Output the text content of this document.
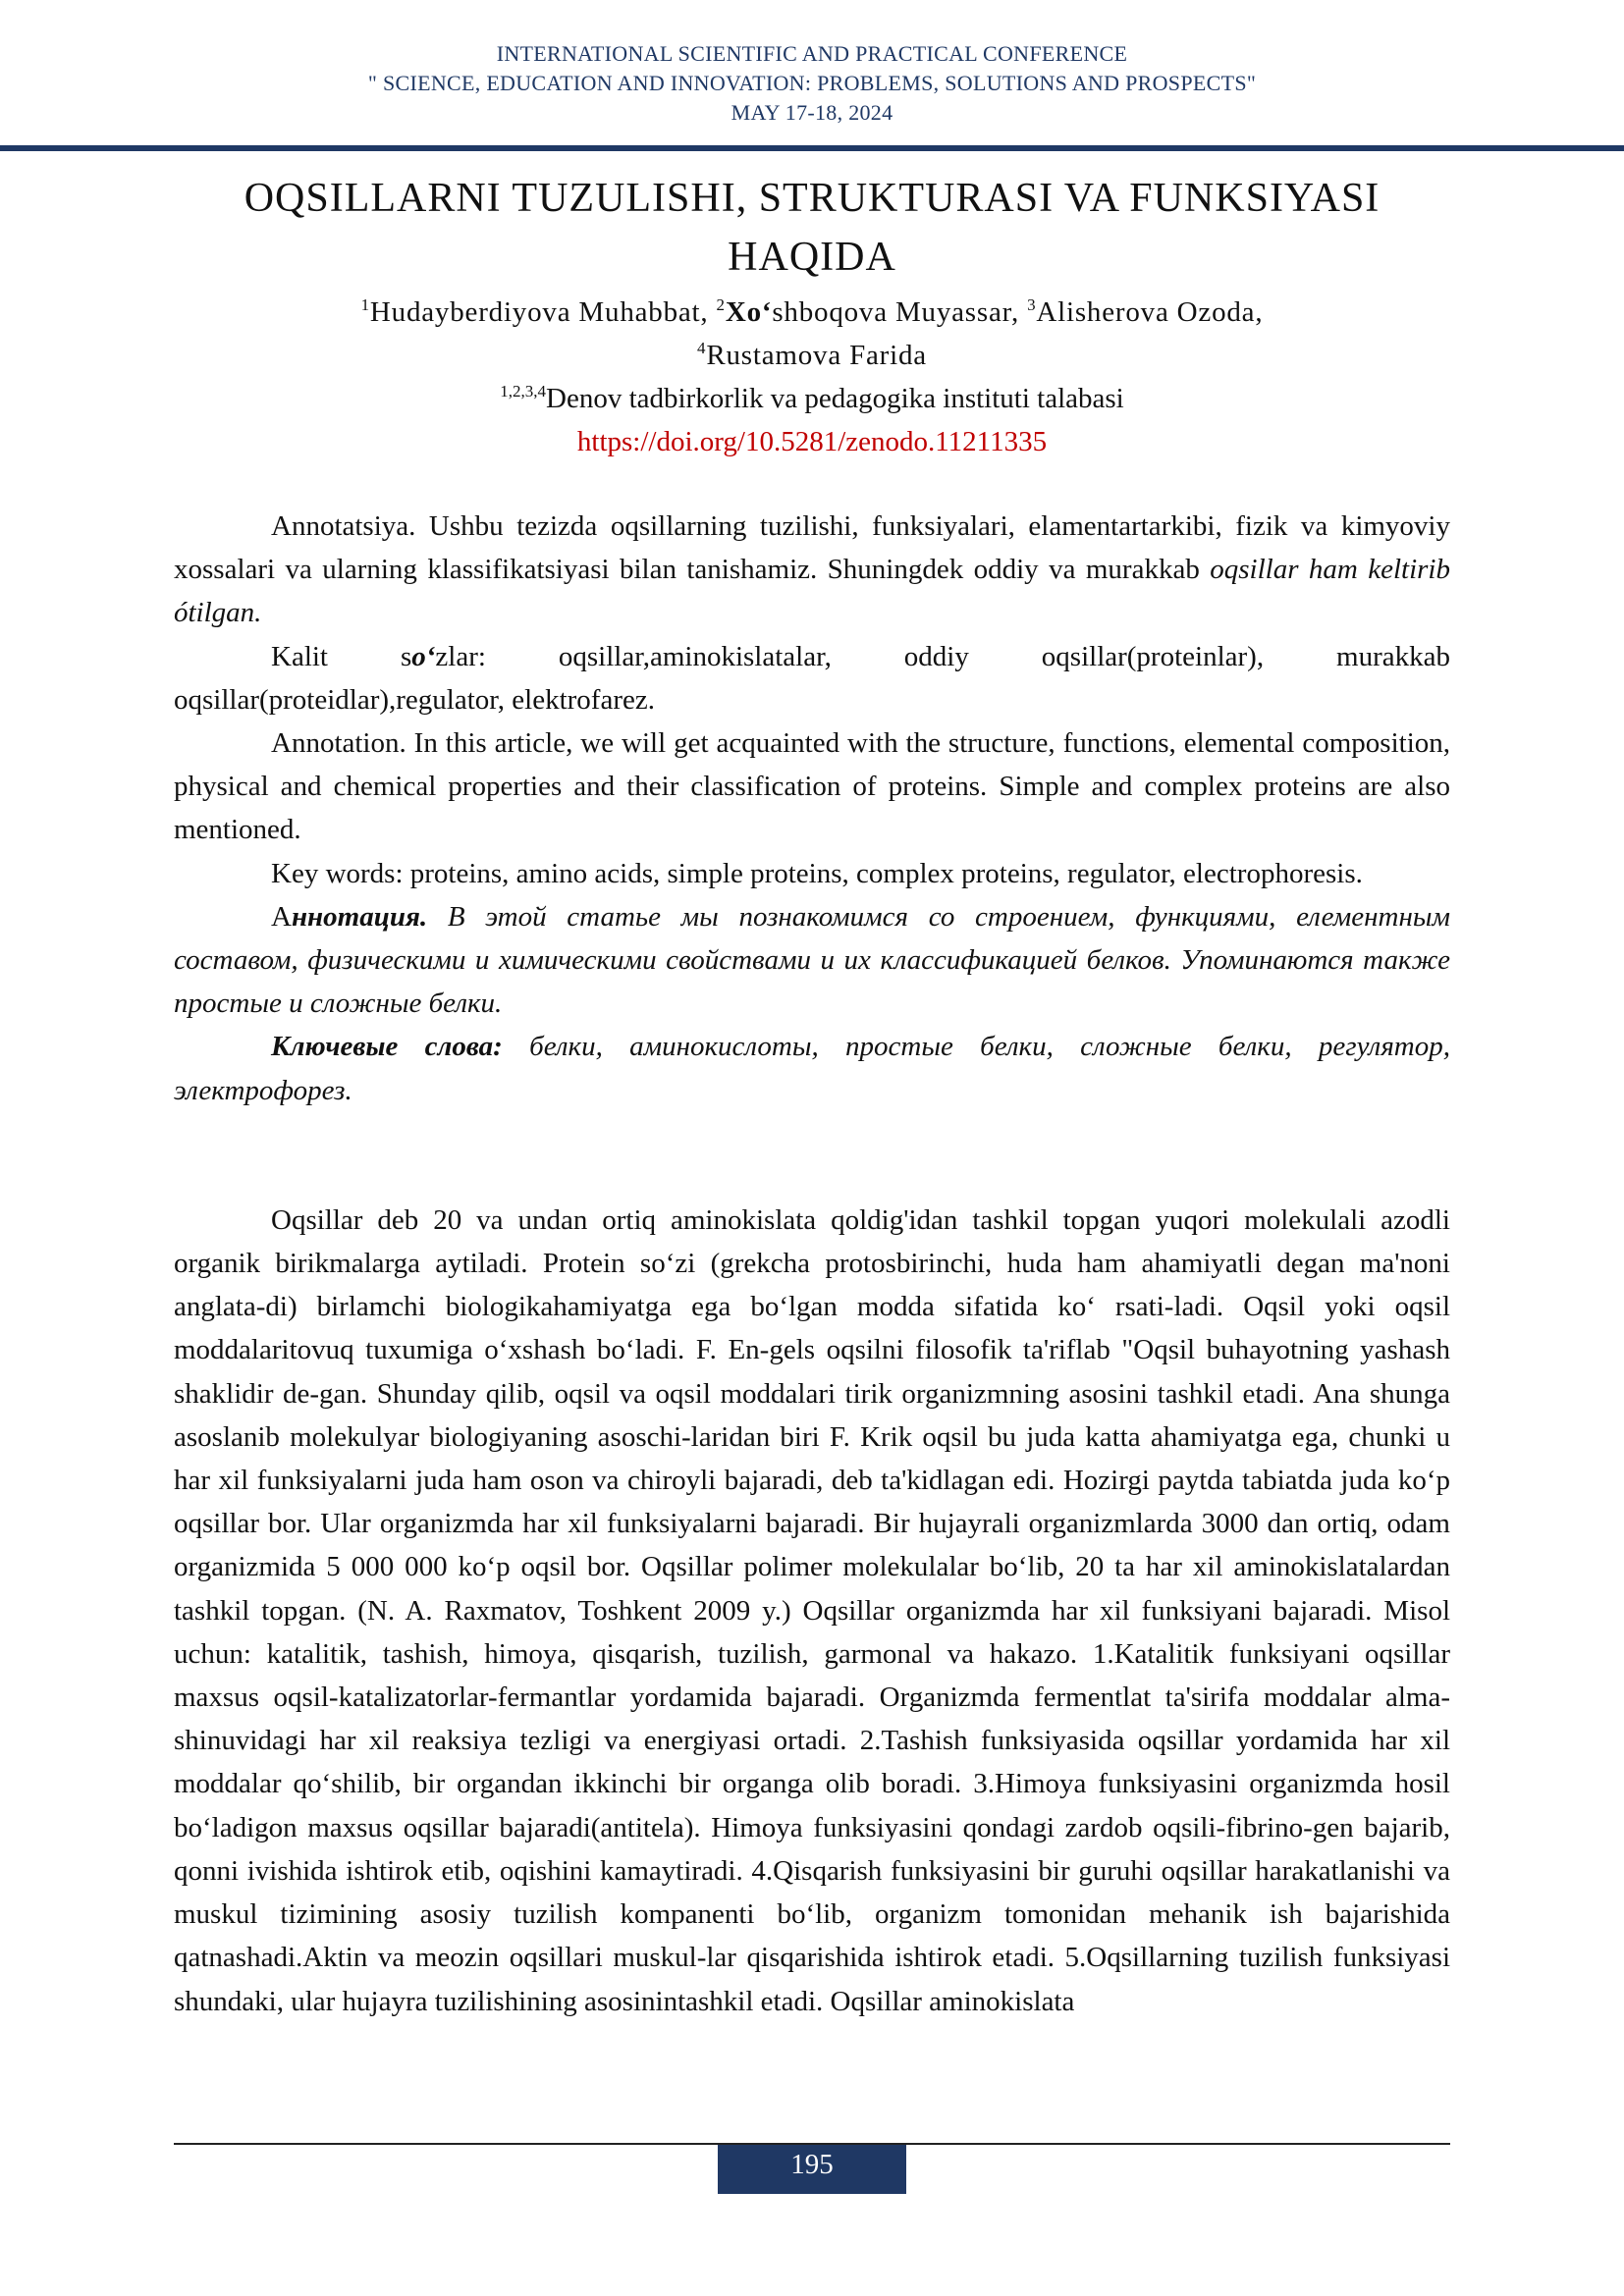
INTERNATIONAL SCIENTIFIC AND PRACTICAL CONFERENCE
" SCIENCE, EDUCATION AND INNOVATION: PROBLEMS, SOLUTIONS AND PROSPECTS"
MAY 17-18, 2024
OQSILLARNI TUZULISHI, STRUKTURASI VA FUNKSIYASI
HAQIDA
$^1$Hudayberdiyova Muhabbat, $^2$Xo‘shboqova Muyassar, $^3$Alisherova Ozoda,
$^4$Rustamova Farida
$^{1,2,3,4}$Denov tadbirkorlik va pedagogika instituti talabasi
https://doi.org/10.5281/zenodo.11211335

Annotatsiya. Ushbu tezizda oqsillarning tuzilishi, funksiyalari, elamentartarkibi, fizik va kimyoviy xossalari va ularning klassifikatsiyasi bilan tanishamiz. Shuningdek oddiy va murakkab oqsillar ham keltirib ótilgan.

Kalit so‘zlar: oqsillar,aminokislatalar, oddiy oqsillar(proteinlar), murakkab oqsillar(proteidlar),regulator, elektrofarez.

Annotation. In this article, we will get acquainted with the structure, functions, elemental composition, physical and chemical properties and their classification of proteins. Simple and complex proteins are also mentioned.

Key words: proteins, amino acids, simple proteins, complex proteins, regulator, electrophoresis.

Аннотация. В этой статье мы познакомимся со строением, функциями, елементным составом, физическими и химическими свойствами и их классификацией белков. Упоминаются также простые и сложные белки.

Ключевые слова: белки, аминокислоты, простые белки, сложные белки, регулятор, электрофорез.

Oqsillar deb 20 va undan ortiq aminokislata qoldig'idan tashkil topgan yuqori molekulali azodli organik birikmalarga aytiladi. Protein so‘zi (grekcha protosbirinchi, huda ham ahamiyatli degan ma'noni anglata-di) birlamchi biologikahamiyatga ega bo‘lgan modda sifatida ko‘ rsati-ladi. Oqsil yoki oqsil moddalaritovuq tuxumiga o‘xshash bo‘ladi. F. En-gels oqsilni filosofik ta'riflab "Oqsil buhayotning yashash shaklidir de-gan. Shunday qilib, oqsil va oqsil moddalari tirik organizmning asosini tashkil etadi. Ana shunga asoslanib molekulyar biologiyaning asoschi-laridan biri F. Krik oqsil bu juda katta ahamiyatga ega, chunki u har xil funksiyalarni juda ham oson va chiroyli bajaradi, deb ta'kidlagan edi. Hozirgi paytda tabiatda juda ko‘p oqsillar bor. Ular organizmda har xil funksiyalarni bajaradi. Bir hujayrali organizmlarda 3000 dan ortiq, odam organizmida 5 000 000 ko‘p oqsil bor. Oqsillar polimer molekulalar bo‘lib, 20 ta har xil aminokislatalardan tashkil topgan. (N. A. Raxmatov, Toshkent 2009 y.) Oqsillar organizmda har xil funksiyani bajaradi. Misol uchun: katalitik, tashish, himoya, qisqarish, tuzilish, garmonal va hakazo. 1.Katalitik funksiyani oqsillar maxsus oqsil-katalizatorlar-fermantlar yordamida bajaradi. Organizmda fermentlat ta'sirifa moddalar alma-shinuvidagi har xil reaksiya tezligi va energiyasi ortadi. 2.Tashish funksiyasida oqsillar yordamida har xil moddalar qo‘shilib, bir organdan ikkinchi bir organga olib boradi. 3.Himoya funksiyasini organizmda hosil bo‘ladigon maxsus oqsillar bajaradi(antitela). Himoya funksiyasini qondagi zardob oqsili-fibrino-gen bajarib, qonni ivishida ishtirok etib, oqishini kamaytiradi. 4.Qisqarish funksiyasini bir guruhi oqsillar harakatlanishi va muskul tizimining asosiy tuzilish kompanenti bo‘lib, organizm tomonidan mehanik ish bajarishida qatnashadi.Aktin va meozin oqsillari muskul-lar qisqarishida ishtirok etadi. 5.Oqsillarning tuzilish funksiyasi shundaki, ular hujayra tuzilishining asosinintashkil etadi. Oqsillar aminokislata

195
